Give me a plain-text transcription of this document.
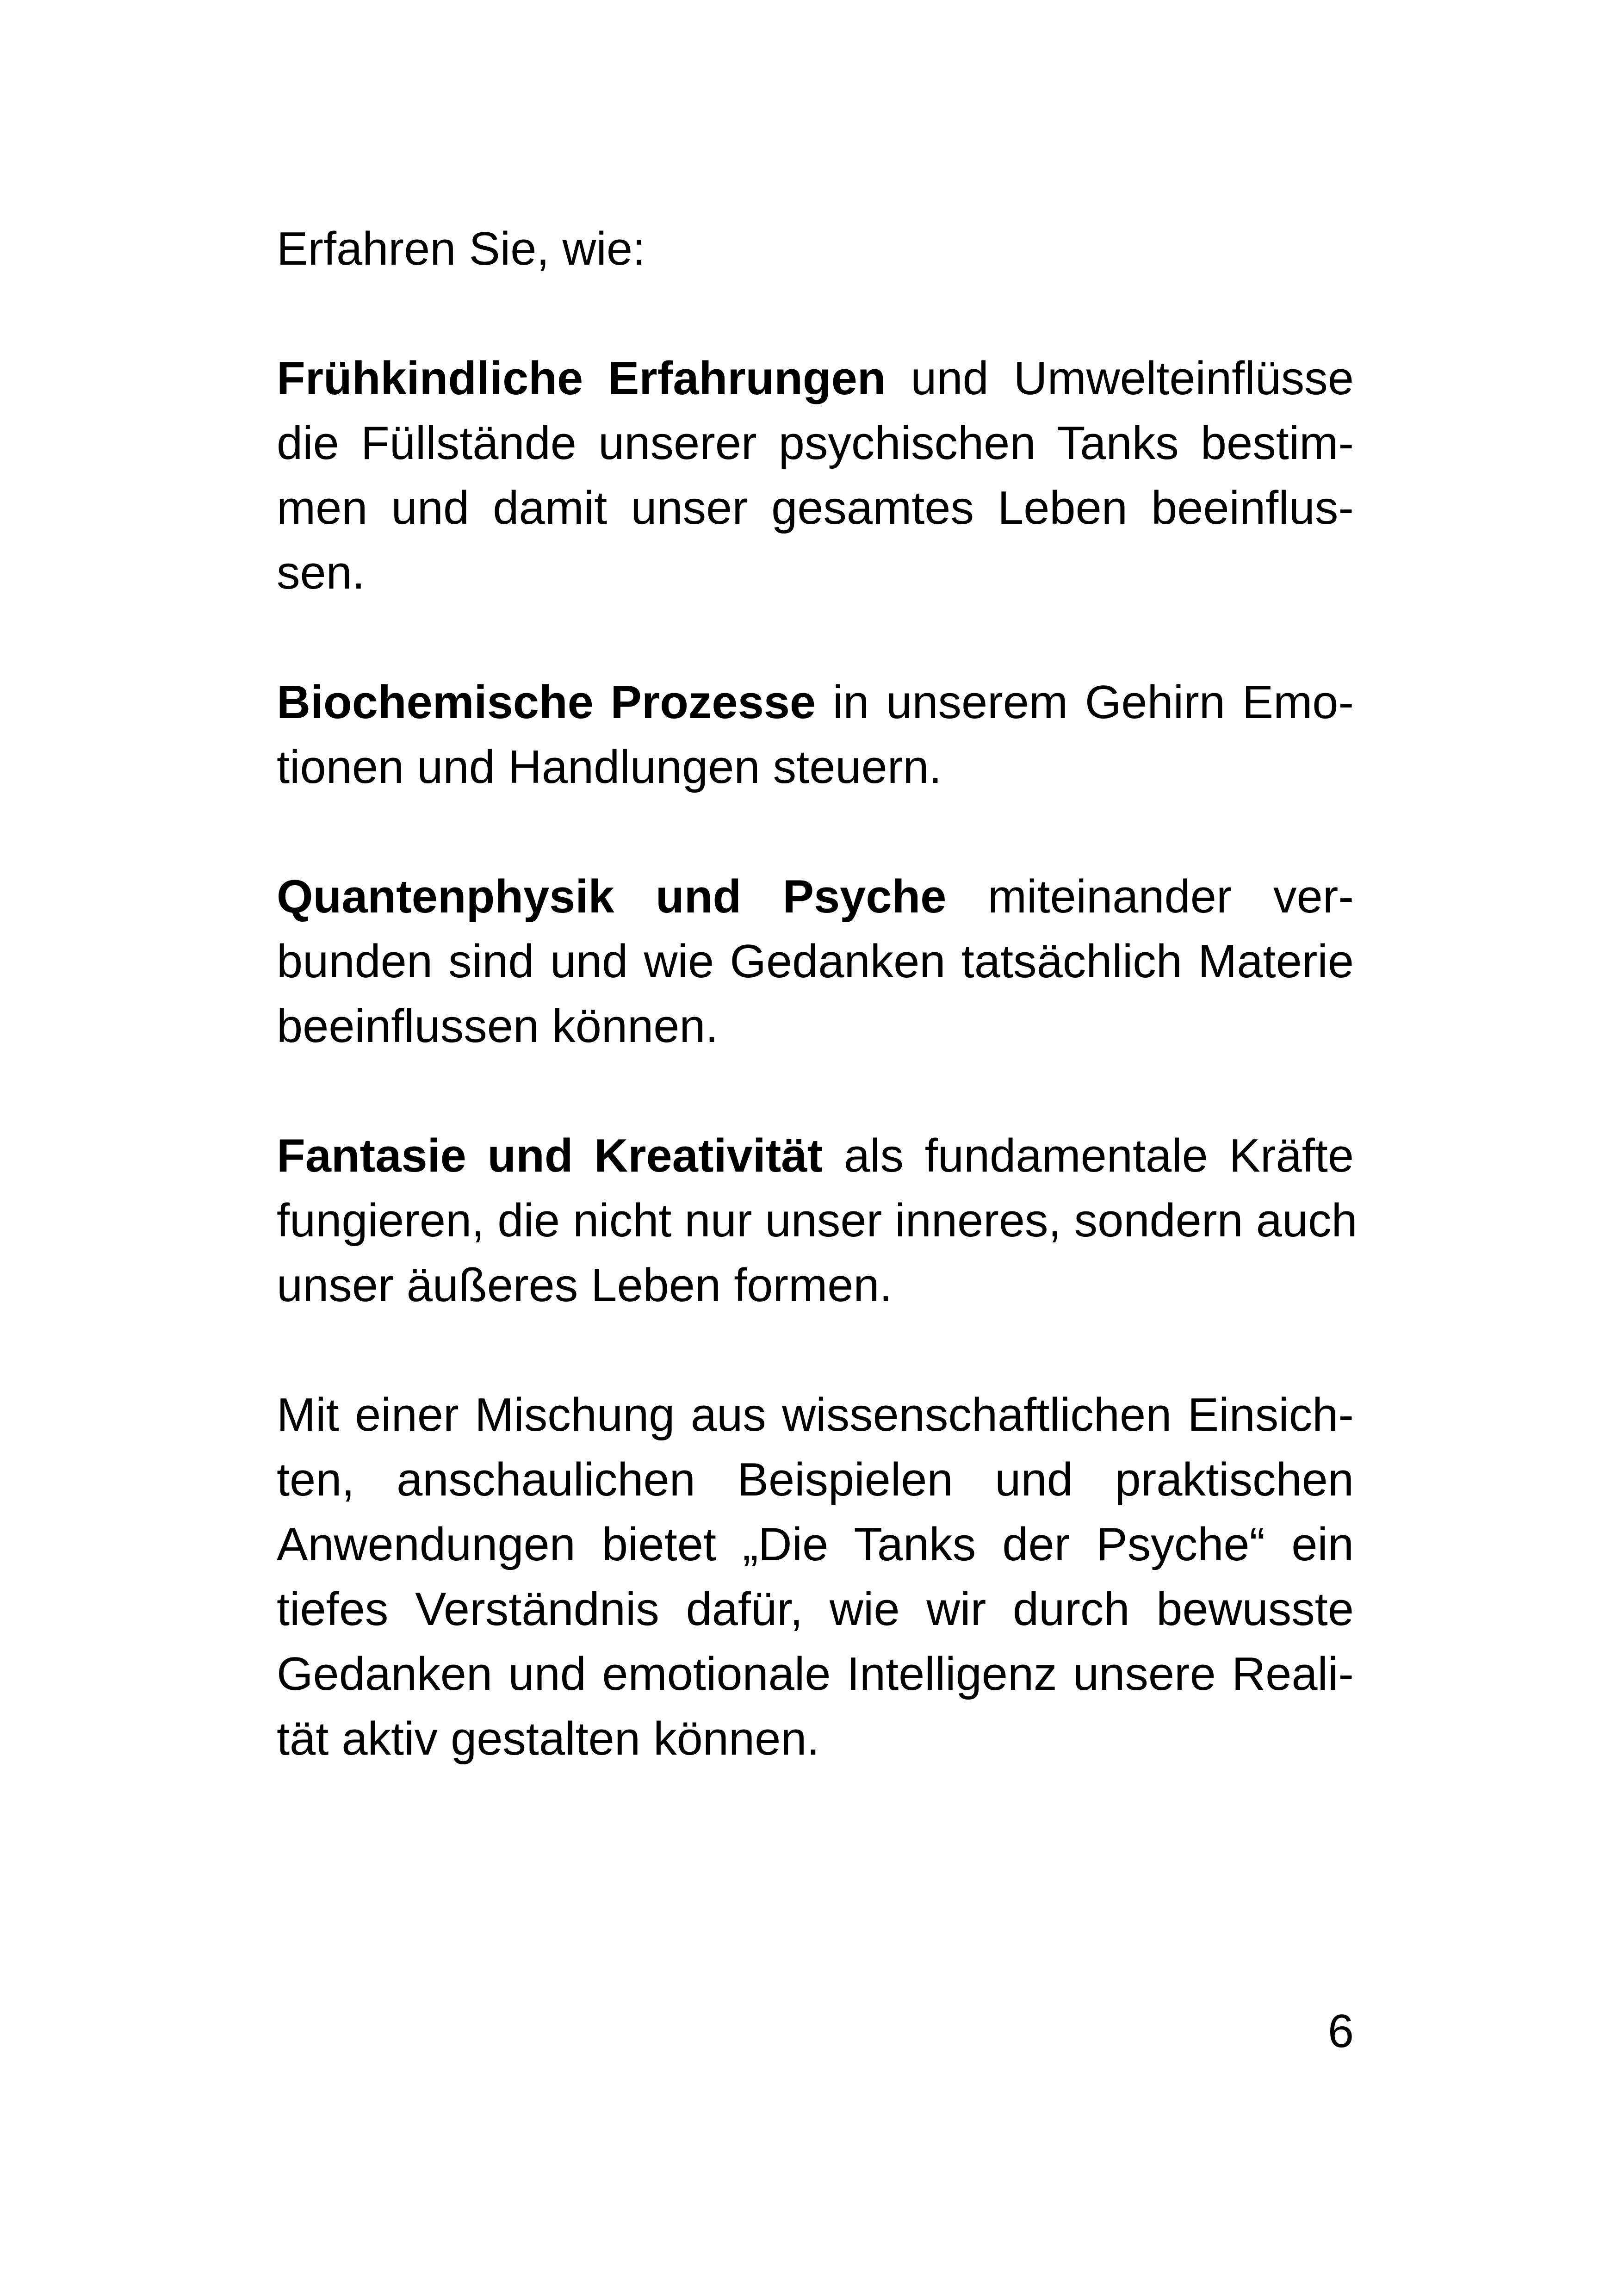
Erfahren Sie, wie:

Frühkindliche Erfahrungen und Umwelteinflüsse
die Füllstände unserer psychischen Tanks bestim-
men und damit unser gesamtes Leben beeinflus-
sen.
Biochemische Prozesse in unserem Gehirn Emo-
tionen und Handlungen steuern.
Quantenphysik und Psyche miteinander ver-
bunden sind und wie Gedanken tatsächlich Materie
beeinflussen können.
Fantasie und Kreativität als fundamentale Kräfte
fungieren, die nicht nur unser inneres, sondern auch
unser äußeres Leben formen.
Mit einer Mischung aus wissenschaftlichen Einsich-
ten, anschaulichen Beispielen und praktischen
Anwendungen bietet „Die Tanks der Psyche“ ein
tiefes Verständnis dafür, wie wir durch bewusste
Gedanken und emotionale Intelligenz unsere Reali-
tät aktiv gestalten können.
6
